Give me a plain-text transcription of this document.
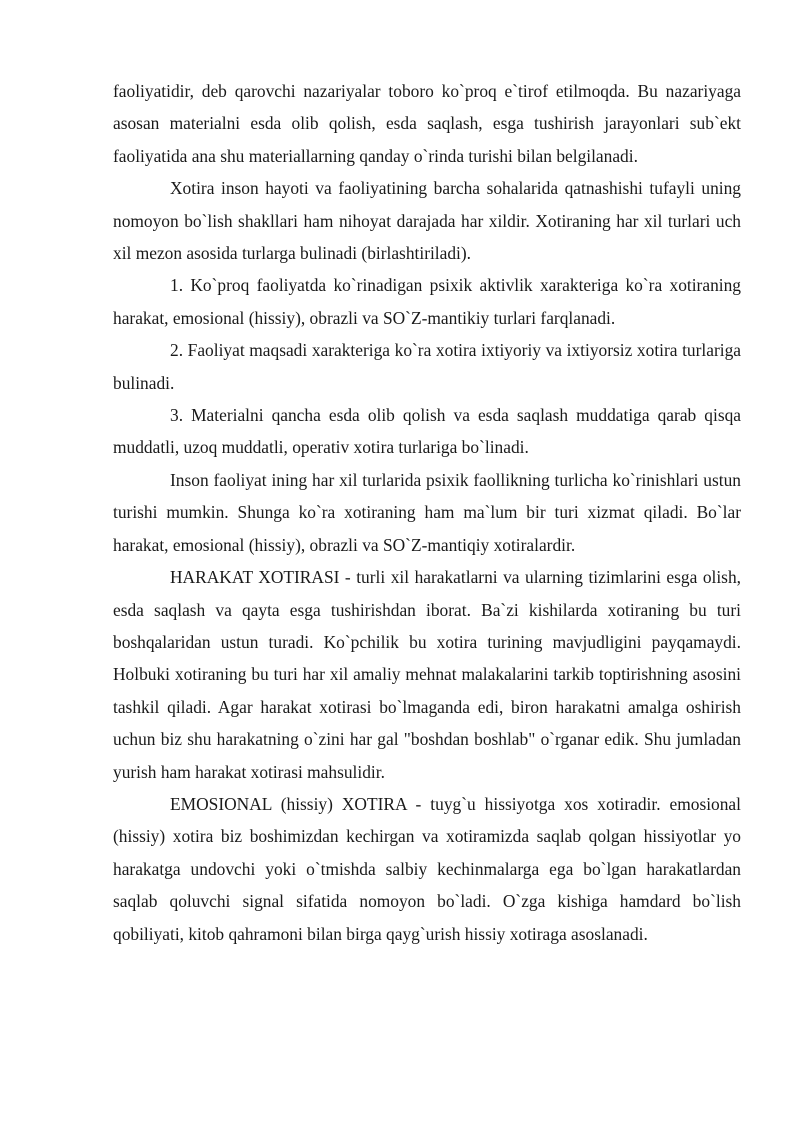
faoliyatidir, deb qarovchi nazariyalar toboro ko`proq e`tirof etilmoqda. Bu nazariyaga asosan materialni esda olib qolish, esda saqlash, esga tushirish jarayonlari sub`ekt faoliyatida ana shu materiallarning qanday o`rinda turishi bilan belgilanadi.

Xotira inson hayoti va faoliyatining barcha sohalarida qatnashishi tufayli uning nomoyon bo`lish shakllari ham nihoyat darajada har xildir. Xotiraning har xil turlari uch xil mezon asosida turlarga bulinadi (birlashtiriladi).

1. Ko`proq faoliyatda ko`rinadigan psixik aktivlik xarakteriga ko`ra xotiraning harakat, emosional (hissiy), obrazli va SO`Z-mantikiy turlari farqlanadi.

2. Faoliyat maqsadi xarakteriga ko`ra xotira ixtiyoriy va ixtiyorsiz xotira turlariga bulinadi.

3. Materialni qancha esda olib qolish va esda saqlash muddatiga qarab qisqa muddatli, uzoq muddatli, operativ xotira turlariga bo`linadi.

Inson faoliyat ining har xil turlarida psixik faollikning turlicha ko`rinishlari ustun turishi mumkin. Shunga ko`ra xotiraning ham ma`lum bir turi xizmat qiladi. Bo`lar harakat, emosional (hissiy), obrazli va SO`Z-mantiqiy xotiralardir.

HARAKAT XOTIRASI - turli xil harakatlarni va ularning tizimlarini esga olish, esda saqlash va qayta esga tushirishdan iborat. Ba`zi kishilarda xotiraning bu turi boshqalaridan ustun turadi. Ko`pchilik bu xotira turining mavjudligini payqamaydi. Holbuki xotiraning bu turi har xil amaliy mehnat malakalarini tarkib toptirishning asosini tashkil qiladi. Agar harakat xotirasi bo`lmaganda edi, biron harakatni amalga oshirish uchun biz shu harakatning o`zini har gal "boshdan boshlab" o`rganar edik. Shu jumladan yurish ham harakat xotirasi mahsulidir.

EMOSIONAL (hissiy) XOTIRA - tuyg`u hissiyotga xos xotiradir. emosional (hissiy) xotira biz boshimizdan kechirgan va xotiramizda saqlab qolgan hissiyotlar yo harakatga undovchi yoki o`tmishda salbiy kechinmalarga ega bo`lgan harakatlardan saqlab qoluvchi signal sifatida nomoyon bo`ladi. O`zga kishiga hamdard bo`lish qobiliyati, kitob qahramoni bilan birga qayg`urish hissiy xotiraga asoslanadi.
